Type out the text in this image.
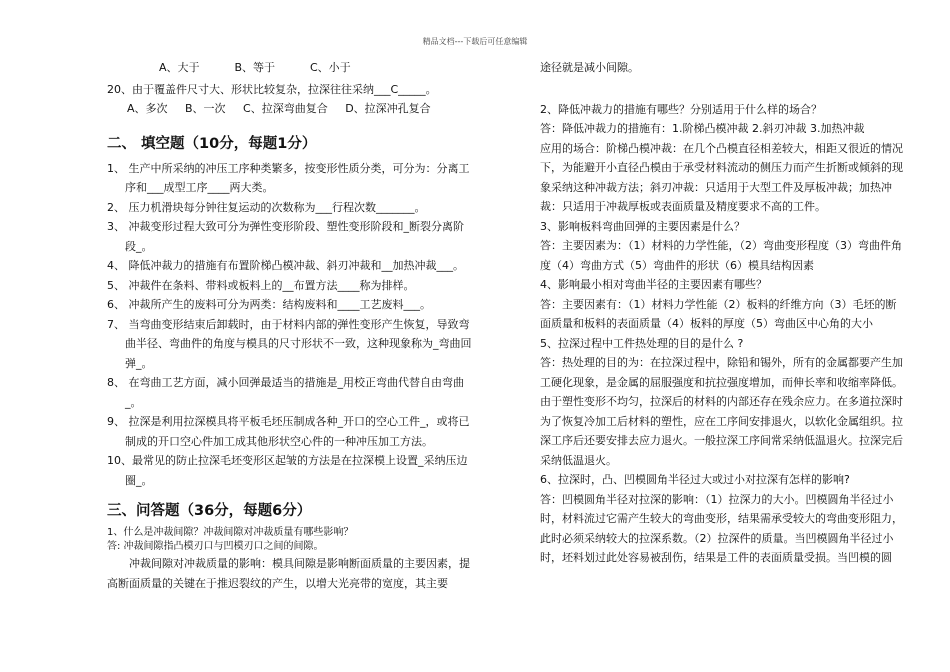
精品文档---下载后可任意编辑

A、大于          B、等于          C、小于

20、由于覆盖件尺寸大、形状比较复杂，拉深往往采纳___C_____。

A、多次     B、一次     C、拉深弯曲复合     D、拉深冲孔复合

二、 填空题（10分，每题1分）

1、 生产中所采纳的冲压工序种类繁多，按变形性质分类，可分为：分离工序和___成型工序____两大类。

2、 压力机滑块每分钟往复运动的次数称为___行程次数_______。

3、 冲裁变形过程大致可分为弹性变形阶段、塑性变形阶段和_断裂分离阶段_。

4、 降低冲裁力的措施有布置阶梯凸模冲裁、斜刃冲裁和__加热冲裁___。

5、 冲裁件在条料、带料或板料上的__布置方法____称为排样。

6、 冲裁所产生的废料可分为两类：结构废料和____工艺废料___。

7、 当弯曲变形结束后卸载时，由于材料内部的弹性变形产生恢复，导致弯曲半径、弯曲件的角度与模具的尺寸形状不一致，这种现象称为_弯曲回弹_。

8、 在弯曲工艺方面，减小回弹最适当的措施是_用校正弯曲代替自由弯曲_。

9、 拉深是利用拉深模具将平板毛坯压制成各种_开口的空心工件_，或将已制成的开口空心件加工成其他形状空心件的一种冲压加工方法。

10、最常见的防止拉深毛坯变形区起皱的方法是在拉深模上设置_采纳压边圈_。

三、问答题（36分，每题6分）

1、什么是冲裁间隙？冲裁间隙对冲裁质量有哪些影响？

答: 冲裁间隙指凸模刃口与凹模刃口之间的间隙。

冲裁间隙对冲裁质量的影响：模具间隙是影响断面质量的主要因素，提高断面质量的关键在于推迟裂纹的产生，以增大光亮带的宽度，其主要

途径就是减小间隙。

2、降低冲裁力的措施有哪些？分别适用于什么样的场合？

答：降低冲裁力的措施有：1.阶梯凸模冲裁 2.斜刃冲裁 3.加热冲裁

应用的场合：阶梯凸模冲裁：在几个凸模直径相差较大，相距又很近的情况下，为能避开小直径凸模由于承受材料流动的侧压力而产生折断或倾斜的现象采纳这种冲裁方法；斜刃冲裁：只适用于大型工件及厚板冲裁；加热冲裁：只适用于冲裁厚板或表面质量及精度要求不高的工件。

3、影响板料弯曲回弹的主要因素是什么？

答：主要因素为：（1）材料的力学性能，（2）弯曲变形程度（3）弯曲件角度（4）弯曲方式（5）弯曲件的形状（6）模具结构因素

4、影响最小相对弯曲半径的主要因素有哪些？

答：主要因素有：（1）材料力学性能（2）板料的纤维方向（3）毛坯的断面质量和板料的表面质量（4）板料的厚度（5）弯曲区中心角的大小

5、拉深过程中工件热处理的目的是什么 ?

答：热处理的目的为：在拉深过程中，除铅和锡外，所有的金属都要产生加工硬化现象，是金属的屈服强度和抗拉强度增加，而伸长率和收缩率降低。由于塑性变形不均匀，拉深后的材料的内部还存在残余应力。在多道拉深时为了恢复冷加工后材料的塑性，应在工序间安排退火，以软化金属组织。拉深工序后还要安排去应力退火。一般拉深工序间常采纳低温退火。拉深完后采纳低温退火。

6、拉深时，凸、凹模圆角半径过大或过小对拉深有怎样的影响?

答：凹模圆角半径对拉深的影响：（1）拉深力的大小。凹模圆角半径过小时，材料流过它需产生较大的弯曲变形，结果需承受较大的弯曲变形阻力，此时必须采纳较大的拉深系数。（2）拉深件的质量。当凹模圆角半径过小时，坯料划过此处容易被刮伤，结果是工件的表面质量受损。当凹模的圆
